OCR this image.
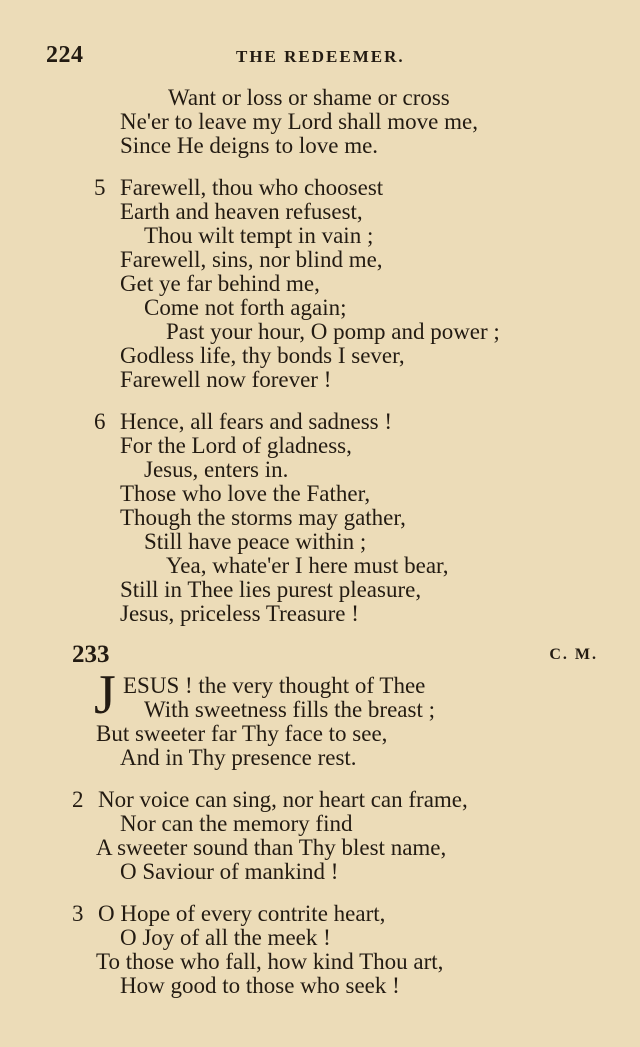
224	THE REDEEMER.
Want or loss or shame or cross
Ne'er to leave my Lord shall move me,
Since He deigns to love me.
5 Farewell, thou who choosest
Earth and heaven refusest,
Thou wilt tempt in vain ;
Farewell, sins, nor blind me,
Get ye far behind me,
Come not forth again;
Past your hour, O pomp and power ;
Godless life, thy bonds I sever,
Farewell now forever !
6 Hence, all fears and sadness !
For the Lord of gladness,
Jesus, enters in.
Those who love the Father,
Though the storms may gather,
Still have peace within ;
Yea, whate'er I here must bear,
Still in Thee lies purest pleasure,
Jesus, priceless Treasure !
233	C. M.
J ESUS ! the very thought of Thee
With sweetness fills the breast ;
But sweeter far Thy face to see,
And in Thy presence rest.
2 Nor voice can sing, nor heart can frame,
Nor can the memory find
A sweeter sound than Thy blest name,
O Saviour of mankind !
3 O Hope of every contrite heart,
O Joy of all the meek !
To those who fall, how kind Thou art,
How good to those who seek !
